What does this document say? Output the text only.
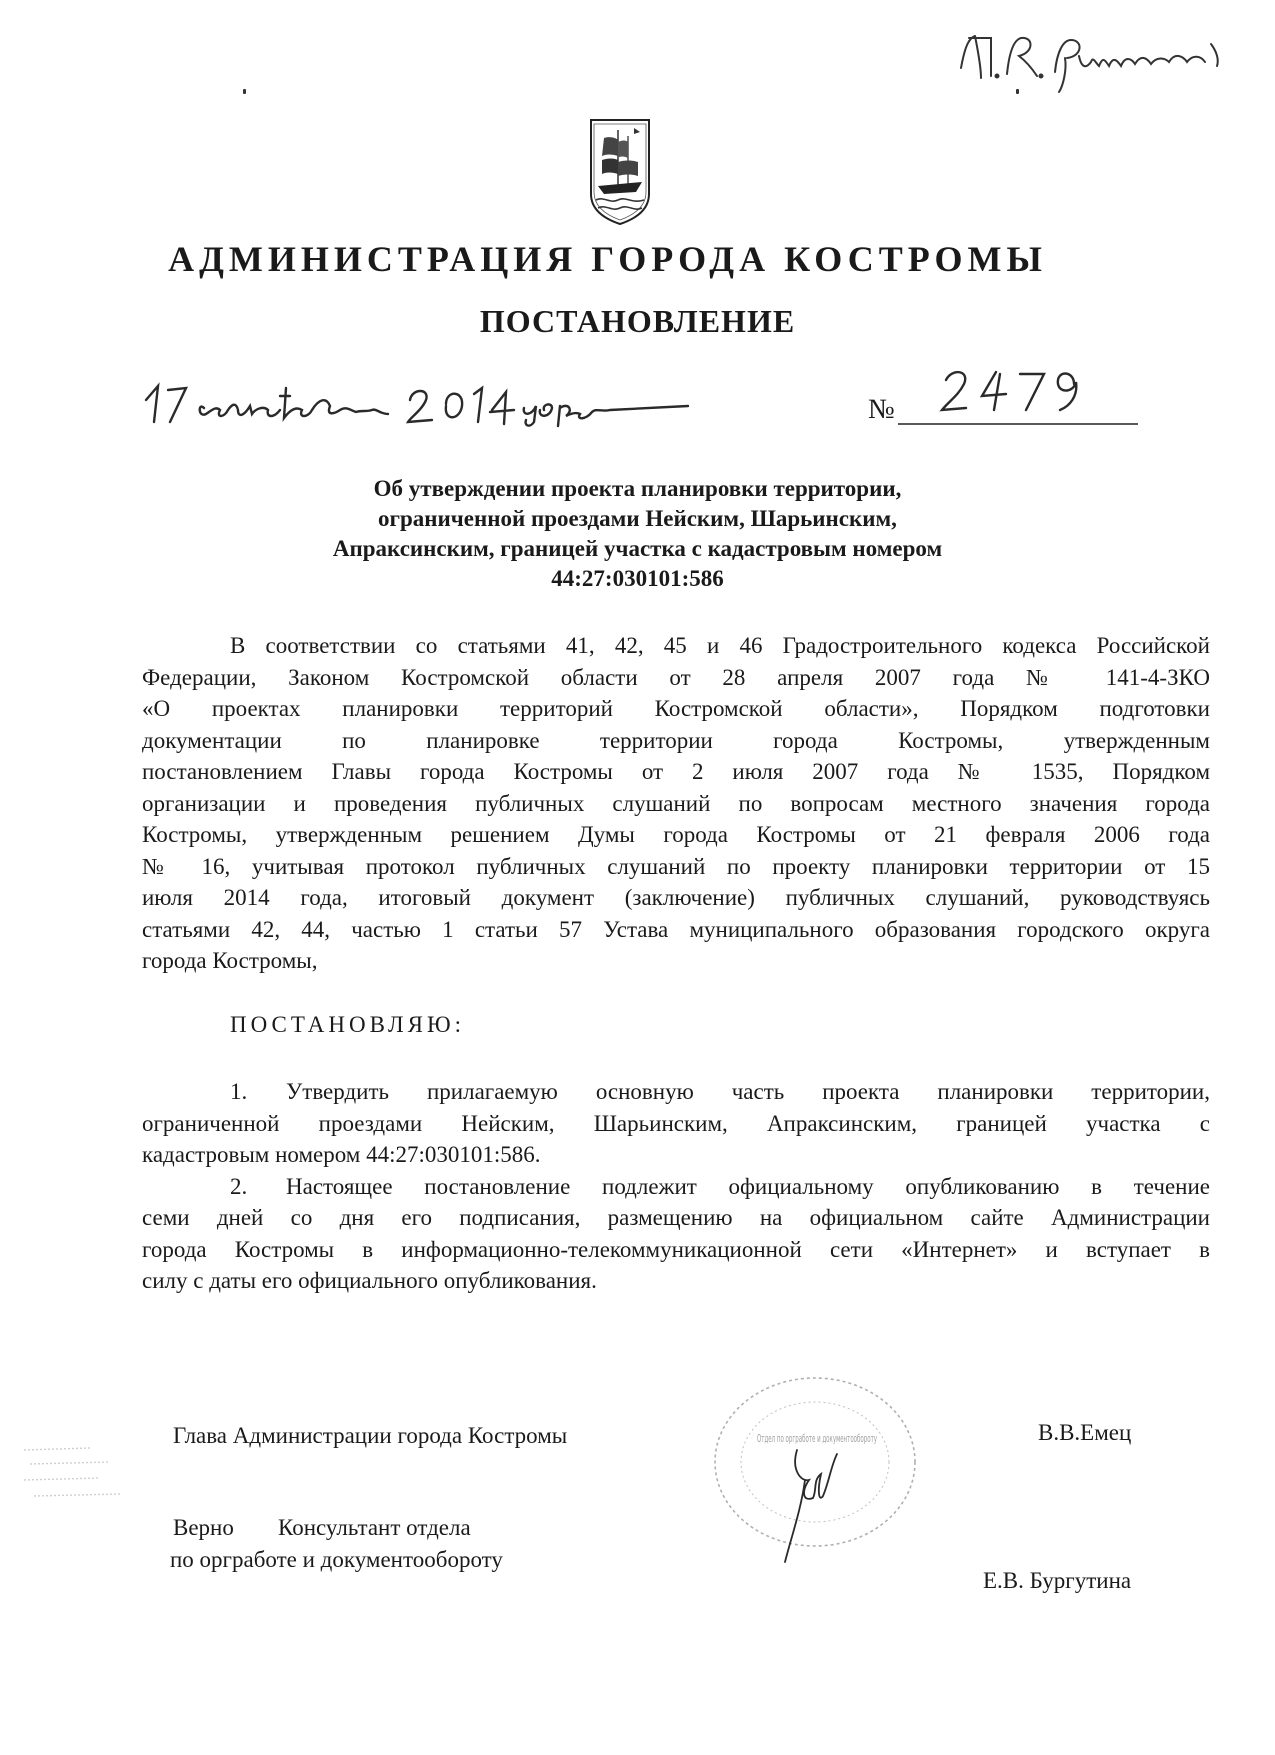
АДМИНИСТРАЦИЯ ГОРОДА КОСТРОМЫ
ПОСТАНОВЛЕНИЕ
№
Об утверждении проекта планировки территории,
ограниченной проездами Нейским, Шарьинским,
Апраксинским, границей участка с кадастровым номером
44:27:030101:586
В соответствии со статьями 41, 42, 45 и 46 Градостроительного кодекса Российской
Федерации, Законом Костромской области от 28 апреля 2007 года № 141-4-ЗКО
«О проектах планировки территорий Костромской области», Порядком подготовки
документации по планировке территории города Костромы, утвержденным
постановлением Главы города Костромы от 2 июля 2007 года № 1535, Порядком
организации и проведения публичных слушаний по вопросам местного значения города
Костромы, утвержденным решением Думы города Костромы от 21 февраля 2006 года
№ 16, учитывая протокол публичных слушаний по проекту планировки территории от 15
июля 2014 года, итоговый документ (заключение) публичных слушаний, руководствуясь
статьями 42, 44, частью 1 статьи 57 Устава муниципального образования городского округа
города Костромы,
ПОСТАНОВЛЯЮ:
1. Утвердить прилагаемую основную часть проекта планировки территории,
ограниченной проездами Нейским, Шарьинским, Апраксинским, границей участка с
кадастровым номером 44:27:030101:586.
2. Настоящее постановление подлежит официальному опубликованию в течение
семи дней со дня его подписания, размещению на официальном сайте Администрации
города Костромы в информационно-телекоммуникационной сети «Интернет» и вступает в
силу с даты его официального опубликования.
Отдел по оргработе и документообороту
Глава Администрации города Костромы	В.В.Емец
Верно Консультант отдела
по оргработе и документообороту
Е.В. Бургутина
